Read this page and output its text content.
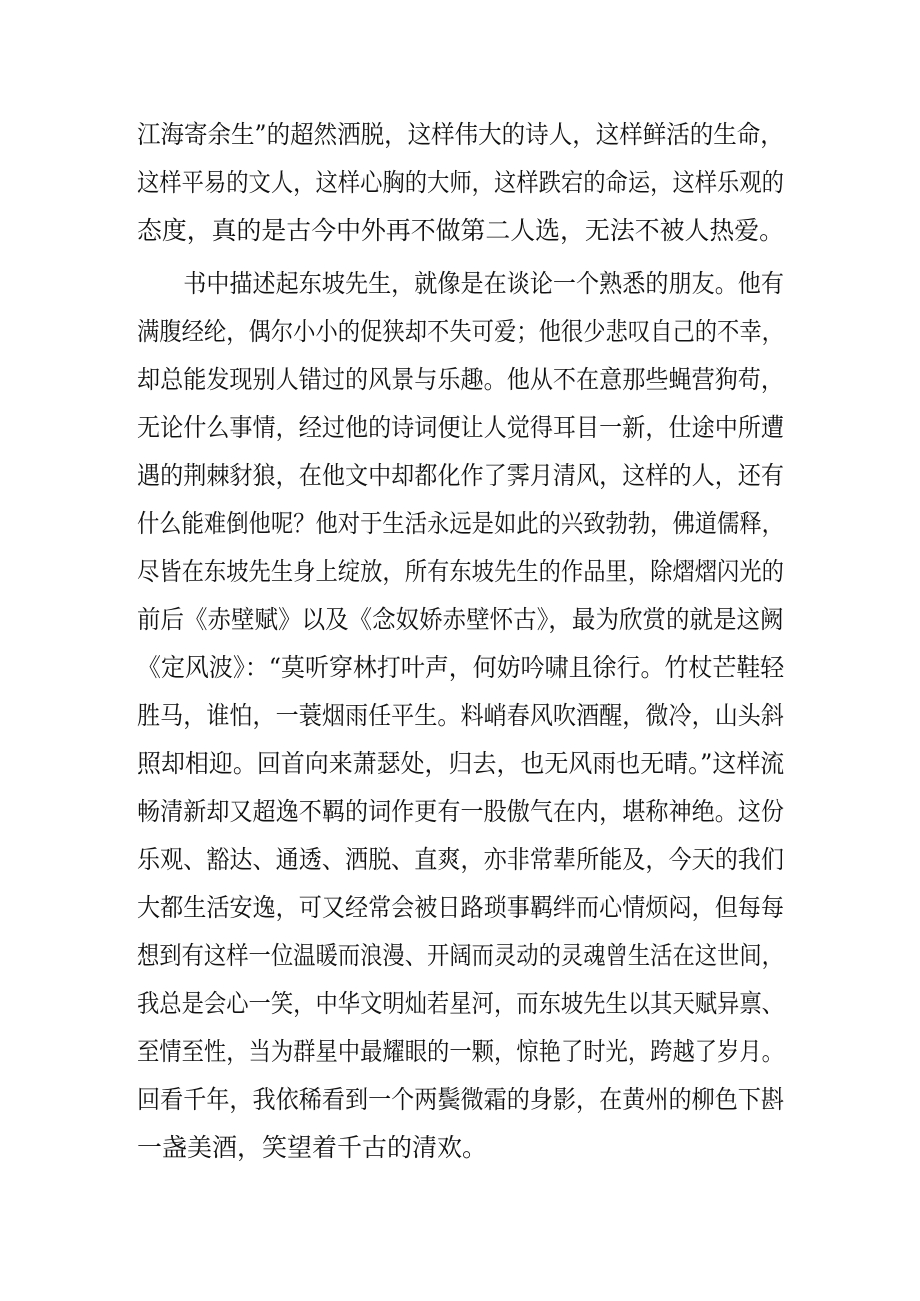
江海寄余生”的超然洒脱，这样伟大的诗人，这样鲜活的生命，
这样平易的文人，这样心胸的大师，这样跌宕的命运，这样乐观的
态度，真的是古今中外再不做第二人选，无法不被人热爱。
　　书中描述起东坡先生，就像是在谈论一个熟悉的朋友。他有
满腹经纶，偶尔小小的促狭却不失可爱；他很少悲叹自己的不幸，
却总能发现别人错过的风景与乐趣。他从不在意那些蝇营狗苟，
无论什么事情，经过他的诗词便让人觉得耳目一新，仕途中所遭
遇的荆棘豺狼，在他文中却都化作了霁月清风，这样的人，还有
什么能难倒他呢？他对于生活永远是如此的兴致勃勃，佛道儒释，
尽皆在东坡先生身上绽放，所有东坡先生的作品里，除熠熠闪光的
前后《赤壁赋》以及《念奴娇赤壁怀古》，最为欣赏的就是这阙
《定风波》：“莫听穿林打叶声，何妨吟啸且徐行。竹杖芒鞋轻
胜马，谁怕，一蓑烟雨任平生。料峭春风吹酒醒，微冷，山头斜
照却相迎。回首向来萧瑟处，归去，也无风雨也无晴。”这样流
畅清新却又超逸不羁的词作更有一股傲气在内，堪称神绝。这份
乐观、豁达、通透、洒脱、直爽，亦非常辈所能及，今天的我们
大都生活安逸，可又经常会被日路琐事羁绊而心情烦闷，但每每
想到有这样一位温暖而浪漫、开阔而灵动的灵魂曾生活在这世间，
我总是会心一笑，中华文明灿若星河，而东坡先生以其天赋异禀、
至情至性，当为群星中最耀眼的一颗，惊艳了时光，跨越了岁月。
回看千年，我依稀看到一个两鬓微霜的身影，在黄州的柳色下斟
一盏美酒，笑望着千古的清欢。
